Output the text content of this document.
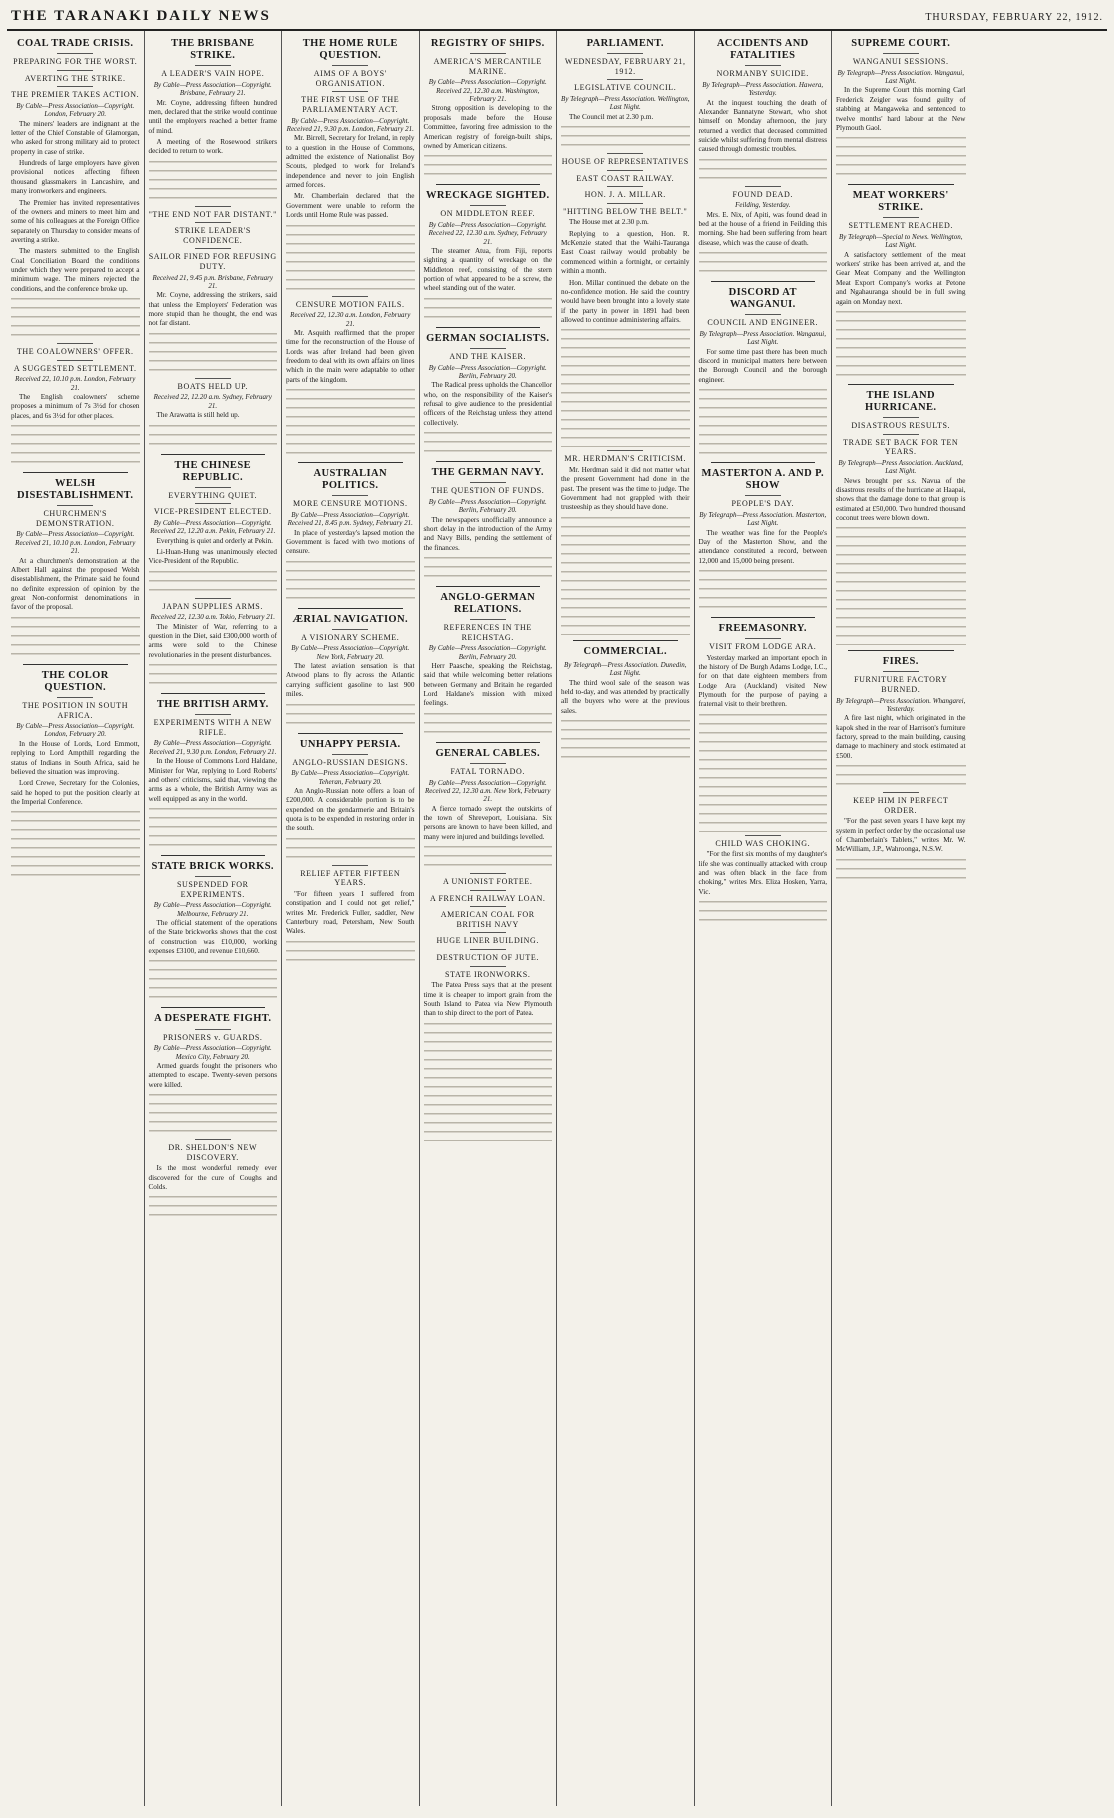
THE TARANAKI DAILY NEWS	THURSDAY, FEBRUARY 22, 1912.
COAL TRADE CRISIS.
PREPARING FOR THE WORST.
AVERTING THE STRIKE.
THE PREMIER TAKES ACTION.
By Cable—Press Association—Copyright. London, February 20.

The miners' leaders are indignant at the letter of the Chief Constable of Glamorgan, who asked for strong military aid to protect property in case of strike.

Hundreds of large employers have given provisional notices affecting fifteen thousand glassmakers in Lancashire, and many ironworkers and engineers.

The Premier has invited representatives of the owners and miners to meet him and some of his colleagues at the Foreign Office separately on Thursday to consider means of averting a strike.

The masters submitted to the English Coal Conciliation Board the conditions under which they were prepared to accept a minimum wage. The miners rejected the conditions, and the conference broke up.

THE COALOWNERS' OFFER.
A SUGGESTED SETTLEMENT.
Received 22, 10.10 p.m. London, February 21.

The English coalowners' scheme proposes a minimum of 7s 3½d for chosen places, and 6s 3½d for other places.

WELSH DISESTABLISHMENT.
CHURCHMEN'S DEMONSTRATION.
By Cable—Press Association—Copyright. Received 21, 10.10 p.m. London, February 21.

At a churchmen's demonstration at the Albert Hall against the proposed Welsh disestablishment, the Primate said he found no definite expression of opinion by the great Non-conformist denominations in favor of the proposal.

THE COLOR QUESTION.
THE POSITION IN SOUTH AFRICA.
By Cable—Press Association—Copyright. London, February 20.

In the House of Lords, Lord Emmott, replying to Lord Ampthill regarding the status of Indians in South Africa, said he believed the situation was improving.

Lord Crewe, Secretary for the Colonies, said he hoped to put the position clearly at the Imperial Conference.

THE BRISBANE STRIKE.
A LEADER'S VAIN HOPE.
By Cable—Press Association—Copyright. Brisbane, February 21.

Mr. Coyne, addressing fifteen hundred men, declared that the strike would continue until the employers reached a better frame of mind.

A meeting of the Rosewood strikers decided to return to work.

"THE END NOT FAR DISTANT."
STRIKE LEADER'S CONFIDENCE.
SAILOR FINED FOR REFUSING DUTY.
Received 21, 9.45 p.m. Brisbane, February 21.

Mr. Coyne, addressing the strikers, said that unless the Employers' Federation was more stupid than he thought, the end was not far distant.

BOATS HELD UP.
Received 22, 12.20 a.m. Sydney, February 21.

The Arawatta is still held up.

THE CHINESE REPUBLIC.
EVERYTHING QUIET.
VICE-PRESIDENT ELECTED.
By Cable—Press Association—Copyright. Received 22, 12.20 a.m. Pekin, February 21.

Everything is quiet and orderly at Pekin.

Li-Huan-Hung was unanimously elected Vice-President of the Republic.

JAPAN SUPPLIES ARMS.
Received 22, 12.30 a.m. Tokio, February 21.

The Minister of War, referring to a question in the Diet, said £300,000 worth of arms were sold to the Chinese revolutionaries in the present disturbances.

THE BRITISH ARMY.
EXPERIMENTS WITH A NEW RIFLE.
By Cable—Press Association—Copyright. Received 21, 9.30 p.m. London, February 21.

In the House of Commons Lord Haldane, Minister for War, replying to Lord Roberts' and others' criticisms, said that, viewing the arms as a whole, the British Army was as well equipped as any in the world.

STATE BRICK WORKS.
SUSPENDED FOR EXPERIMENTS.
By Cable—Press Association—Copyright. Melbourne, February 21.

The official statement of the operations of the State brickworks shows that the cost of construction was £10,000, working expenses £3100, and revenue £10,660.

A DESPERATE FIGHT.
PRISONERS v. GUARDS.
By Cable—Press Association—Copyright. Mexico City, February 20.

Armed guards fought the prisoners who attempted to escape. Twenty-seven persons were killed.

DR. SHELDON'S NEW DISCOVERY.

Is the most wonderful remedy ever discovered for the cure of Coughs and Colds.

THE HOME RULE QUESTION.
AIMS OF A BOYS' ORGANISATION.
THE FIRST USE OF THE PARLIAMENTARY ACT.
By Cable—Press Association—Copyright. Received 21, 9.30 p.m. London, February 21.

Mr. Birrell, Secretary for Ireland, in reply to a question in the House of Commons, admitted the existence of Nationalist Boy Scouts, pledged to work for Ireland's independence and never to join English armed forces.

Mr. Chamberlain declared that the Government were unable to reform the Lords until Home Rule was passed.

CENSURE MOTION FAILS.
Received 22, 12.30 a.m. London, February 21.

Mr. Asquith reaffirmed that the proper time for the reconstruction of the House of Lords was after Ireland had been given freedom to deal with its own affairs on lines which in the main were adaptable to other parts of the kingdom.

AUSTRALIAN POLITICS.
MORE CENSURE MOTIONS.
By Cable—Press Association—Copyright. Received 21, 8.45 p.m. Sydney, February 21.

In place of yesterday's lapsed motion the Government is faced with two motions of censure.

ÆRIAL NAVIGATION.
A VISIONARY SCHEME.
By Cable—Press Association—Copyright. New York, February 20.

The latest aviation sensation is that Atwood plans to fly across the Atlantic carrying sufficient gasoline to last 900 miles.

UNHAPPY PERSIA.
ANGLO-RUSSIAN DESIGNS.
By Cable—Press Association—Copyright. Teheran, February 20.

An Anglo-Russian note offers a loan of £200,000. A considerable portion is to be expended on the gendarmerie and Britain's quota is to be expended in restoring order in the south.

RELIEF AFTER FIFTEEN YEARS.

"For fifteen years I suffered from constipation and I could not get relief," writes Mr. Frederick Fuller, saddler, New Canterbury road, Petersham, New South Wales.

REGISTRY OF SHIPS.
AMERICA'S MERCANTILE MARINE.
By Cable—Press Association—Copyright. Received 22, 12.30 a.m. Washington, February 21.

Strong opposition is developing to the proposals made before the House Committee, favoring free admission to the American registry of foreign-built ships, owned by American citizens.

WRECKAGE SIGHTED.
ON MIDDLETON REEF.
By Cable—Press Association—Copyright. Received 22, 12.30 a.m. Sydney, February 21.

The steamer Atua, from Fiji, reports sighting a quantity of wreckage on the Middleton reef, consisting of the stern portion of what appeared to be a screw, the wheel standing out of the water.

GERMAN SOCIALISTS.
AND THE KAISER.
By Cable—Press Association—Copyright. Berlin, February 20.

The Radical press upholds the Chancellor who, on the responsibility of the Kaiser's refusal to give audience to the presidential officers of the Reichstag unless they attend collectively.

THE GERMAN NAVY.
THE QUESTION OF FUNDS.
By Cable—Press Association—Copyright. Berlin, February 20.

The newspapers unofficially announce a short delay in the introduction of the Army and Navy Bills, pending the settlement of the finances.

ANGLO-GERMAN RELATIONS.
REFERENCES IN THE REICHSTAG.
By Cable—Press Association—Copyright. Berlin, February 20.

Herr Paasche, speaking the Reichstag, said that while welcoming better relations between Germany and Britain he regarded Lord Haldane's mission with mixed feelings.

GENERAL CABLES.
FATAL TORNADO.
By Cable—Press Association—Copyright. Received 22, 12.30 a.m. New York, February 21.

A fierce tornado swept the outskirts of the town of Shreveport, Louisiana. Six persons are known to have been killed, and many were injured and buildings levelled.

A UNIONIST FORTEE.
A FRENCH RAILWAY LOAN.
AMERICAN COAL FOR BRITISH NAVY
HUGE LINER BUILDING.
DESTRUCTION OF JUTE.
STATE IRONWORKS.

The Patea Press says that at the present time it is cheaper to import grain from the South Island to Patea via New Plymouth than to ship direct to the port of Patea.

PARLIAMENT.
WEDNESDAY, FEBRUARY 21, 1912.
LEGISLATIVE COUNCIL.
By Telegraph—Press Association. Wellington, Last Night.

The Council met at 2.30 p.m.

HOUSE OF REPRESENTATIVES
EAST COAST RAILWAY.
HON. J. A. MILLAR.
"HITTING BELOW THE BELT."

The House met at 2.30 p.m.

Replying to a question, Hon. R. McKenzie stated that the Waihi-Tauranga East Coast railway would probably be commenced within a fortnight, or certainly within a month.

Hon. Millar continued the debate on the no-confidence motion. He said the country would have been brought into a lovely state if the party in power in 1891 had been allowed to continue administering affairs.

MR. HERDMAN'S CRITICISM.

Mr. Herdman said it did not matter what the present Government had done in the past. The present was the time to judge. The Government had not grappled with their trusteeship as they should have done.

COMMERCIAL.
By Telegraph—Press Association. Dunedin, Last Night.

The third wool sale of the season was held to-day, and was attended by practically all the buyers who were at the previous sales.

ACCIDENTS AND FATALITIES
NORMANBY SUICIDE.
By Telegraph—Press Association. Hawera, Yesterday.

At the inquest touching the death of Alexander Bannatyne Stewart, who shot himself on Monday afternoon, the jury returned a verdict that deceased committed suicide whilst suffering from mental distress caused through domestic troubles.

FOUND DEAD.
Feilding, Yesterday.

Mrs. E. Nix, of Apiti, was found dead in bed at the house of a friend in Feilding this morning. She had been suffering from heart disease, which was the cause of death.

DISCORD AT WANGANUI.
COUNCIL AND ENGINEER.
By Telegraph—Press Association. Wanganui, Last Night.

For some time past there has been much discord in municipal matters here between the Borough Council and the borough engineer.

MASTERTON A. AND P. SHOW
PEOPLE'S DAY.
By Telegraph—Press Association. Masterton, Last Night.

The weather was fine for the People's Day of the Masterton Show, and the attendance constituted a record, between 12,000 and 15,000 being present.

FREEMASONRY.
VISIT FROM LODGE ARA.

Yesterday marked an important epoch in the history of De Burgh Adams Lodge, I.C., for on that date eighteen members from Lodge Ara (Auckland) visited New Plymouth for the purpose of paying a fraternal visit to their brethren.

CHILD WAS CHOKING.

"For the first six months of my daughter's life she was continually attacked with croup and was often black in the face from choking," writes Mrs. Eliza Hosken, Yarra, Vic.

SUPREME COURT.
WANGANUI SESSIONS.
By Telegraph—Press Association. Wanganui, Last Night.

In the Supreme Court this morning Carl Frederick Zeigler was found guilty of stabbing at Mangaweka and sentenced to twelve months' hard labour at the New Plymouth Gaol.

MEAT WORKERS' STRIKE.
SETTLEMENT REACHED.
By Telegraph—Special to News. Wellington, Last Night.

A satisfactory settlement of the meat workers' strike has been arrived at, and the Gear Meat Company and the Wellington Meat Export Company's works at Petone and Ngahauranga should be in full swing again on Monday next.

THE ISLAND HURRICANE.
DISASTROUS RESULTS.
TRADE SET BACK FOR TEN YEARS.
By Telegraph—Press Association. Auckland, Last Night.

News brought per s.s. Navua of the disastrous results of the hurricane at Haapai, shows that the damage done to that group is estimated at £50,000. Two hundred thousand coconut trees were blown down.

FIRES.
FURNITURE FACTORY BURNED.
By Telegraph—Press Association. Whangarei, Yesterday.

A fire last night, which originated in the kapok shed in the rear of Harrison's furniture factory, spread to the main building, causing damage to machinery and stock estimated at £500.

KEEP HIM IN PERFECT ORDER.

"For the past seven years I have kept my system in perfect order by the occasional use of Chamberlain's Tablets," writes Mr. W. McWilliam, J.P., Wahroonga, N.S.W.
